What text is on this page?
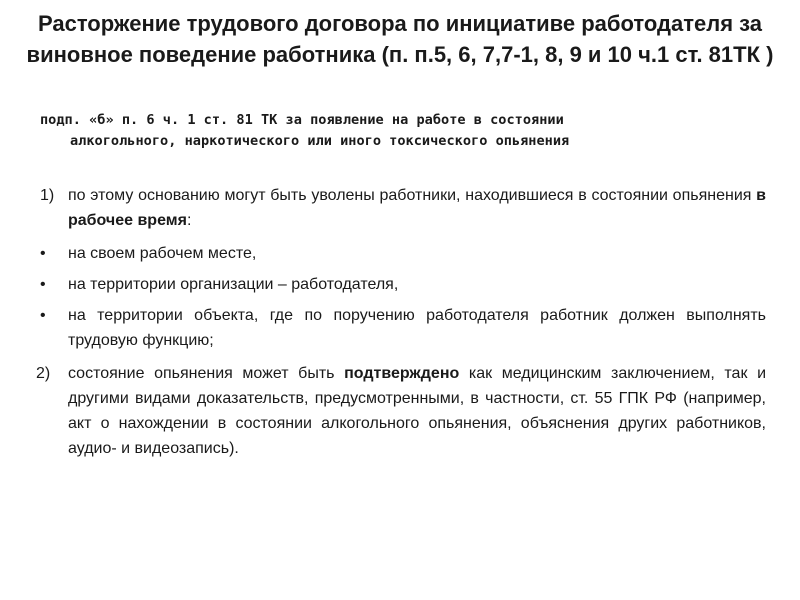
Расторжение трудового договора по инициативе работодателя за виновное поведение работника (п. п.5, 6, 7,7-1, 8, 9 и 10 ч.1 ст. 81ТК )

подп. «б» п. 6 ч. 1 ст. 81 ТК за появление на работе в состоянии
алкогольного, наркотического или иного токсического опьянения

1) по этому основанию могут быть уволены работники, находившиеся в состоянии опьянения в рабочее время:
• на своем рабочем месте,
• на территории организации – работодателя,
• на территории объекта, где по поручению работодателя работник должен выполнять трудовую функцию;
2) состояние опьянения может быть подтверждено как медицинским заключением, так и другими видами доказательств, предусмотренными, в частности, ст. 55 ГПК РФ (например, акт о нахождении в состоянии алкогольного опьянения, объяснения других работников, аудио- и видеозапись).
